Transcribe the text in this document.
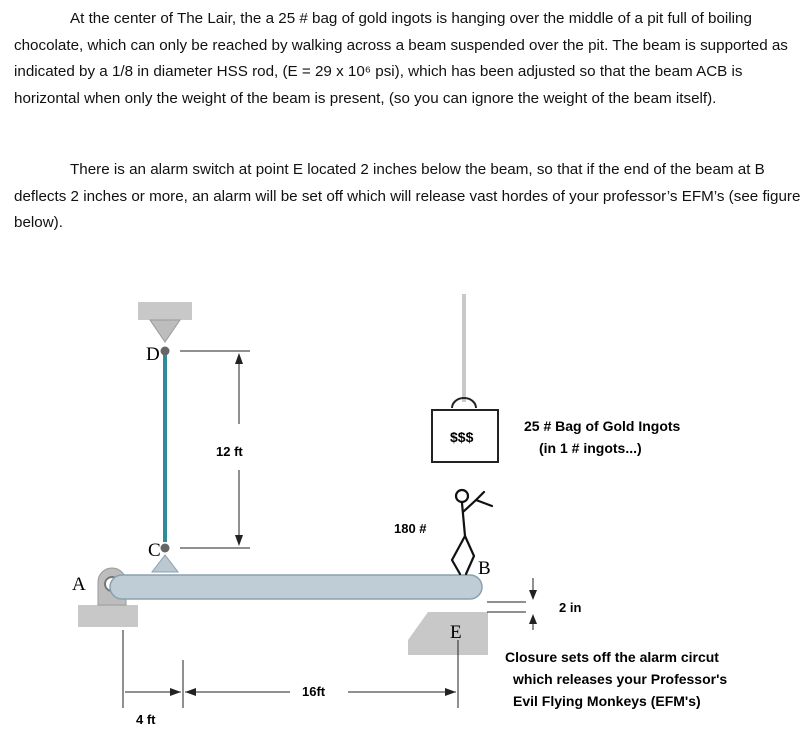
At the center of The Lair, the a 25 # bag of gold ingots is hanging over the middle of a pit full of boiling chocolate, which can only be reached by walking across a beam suspended over the pit. The beam is supported as indicated by a 1/8 in diameter HSS rod, (E = 29 x 10⁶ psi), which has been adjusted so that the beam ACB is horizontal when only the weight of the beam is present, (so you can ignore the weight of the beam itself).

There is an alarm switch at point E located 2 inches below the beam, so that if the end of the beam at B deflects 2 inches or more, an alarm will be set off which will release vast hordes of your professor’s EFM’s (see figure below).

12 ft
$$$
25 # Bag of Gold Ingots
(in 1 # ingots...)
180 #
2 in
Closure sets off the alarm circut
which releases your Professor's
Evil Flying Monkeys (EFM's)
4 ft
16ft
D
C
A
B
E
